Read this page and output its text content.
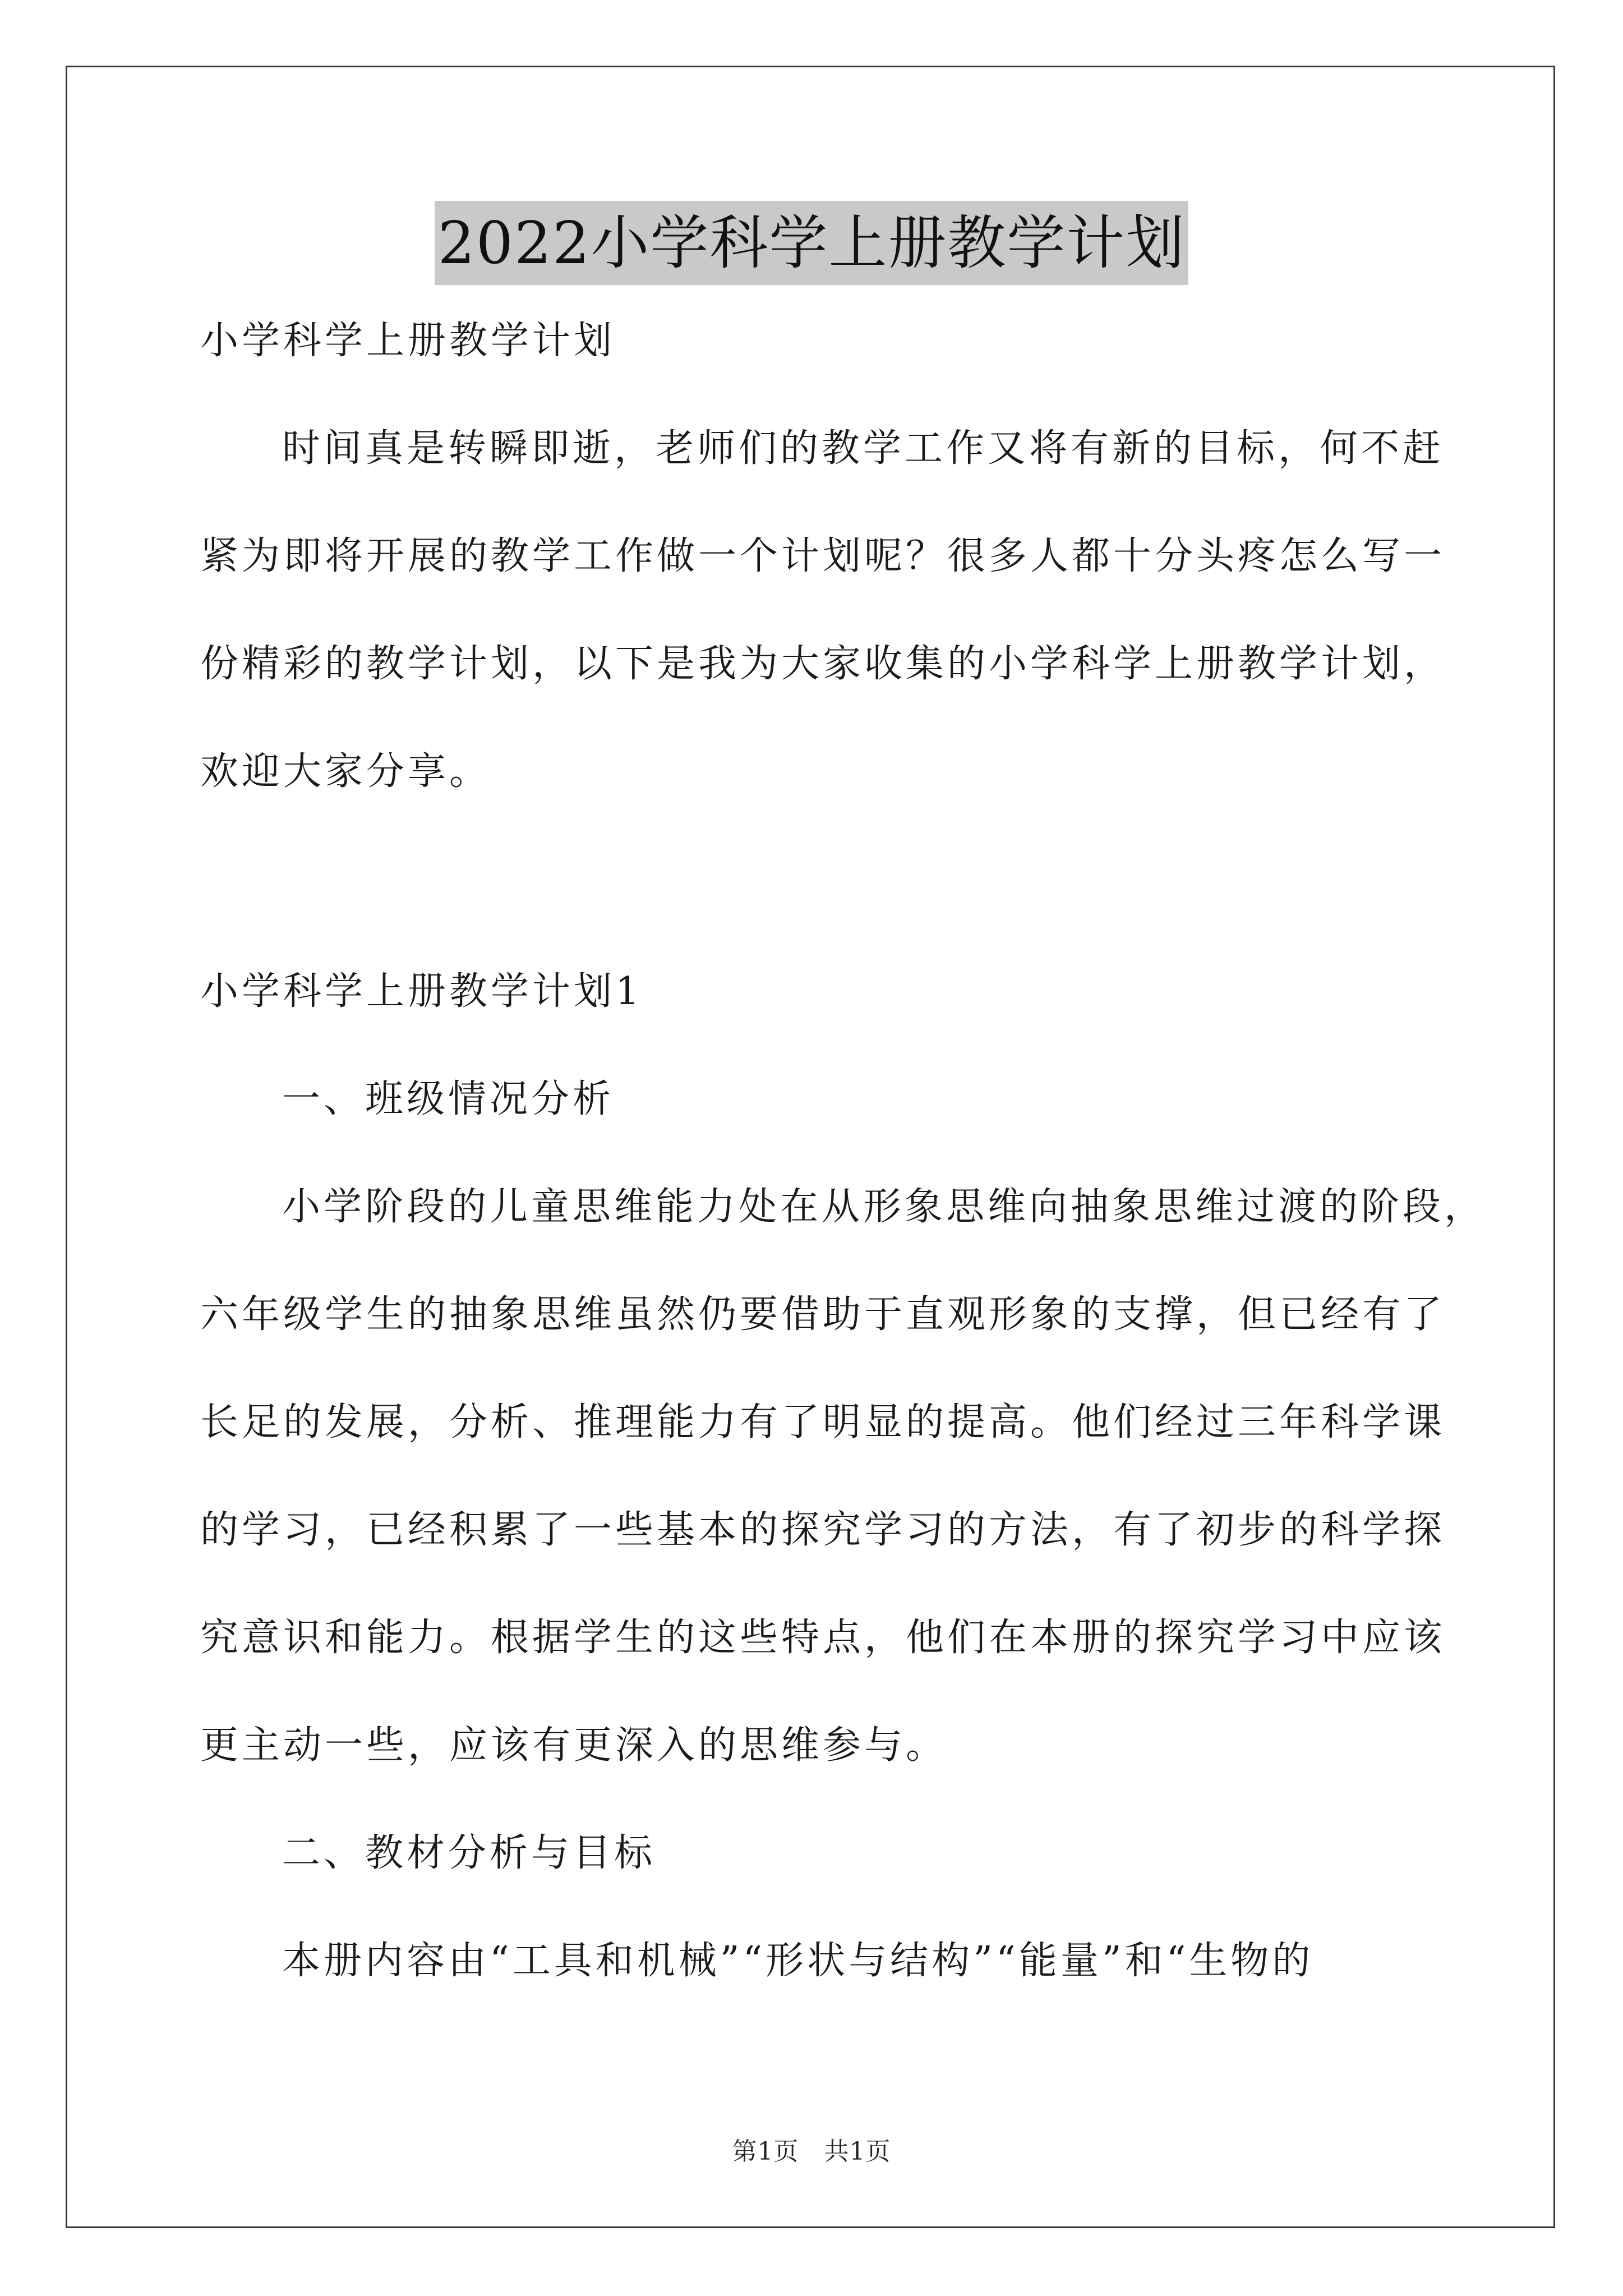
2022小学科学上册教学计划

小学科学上册教学计划

时间真是转瞬即逝，老师们的教学工作又将有新的目标，何不赶

紧为即将开展的教学工作做一个计划呢？很多人都十分头疼怎么写一

份精彩的教学计划，以下是我为大家收集的小学科学上册教学计划，

欢迎大家分享。

小学科学上册教学计划1

一、班级情况分析

小学阶段的儿童思维能力处在从形象思维向抽象思维过渡的阶段，

六年级学生的抽象思维虽然仍要借助于直观形象的支撑，但已经有了

长足的发展，分析、推理能力有了明显的提高。他们经过三年科学课

的学习，已经积累了一些基本的探究学习的方法，有了初步的科学探

究意识和能力。根据学生的这些特点，他们在本册的探究学习中应该

更主动一些，应该有更深入的思维参与。

二、教材分析与目标

本册内容由“工具和机械”“形状与结构”“能量”和“生物的

第1页   共1页
